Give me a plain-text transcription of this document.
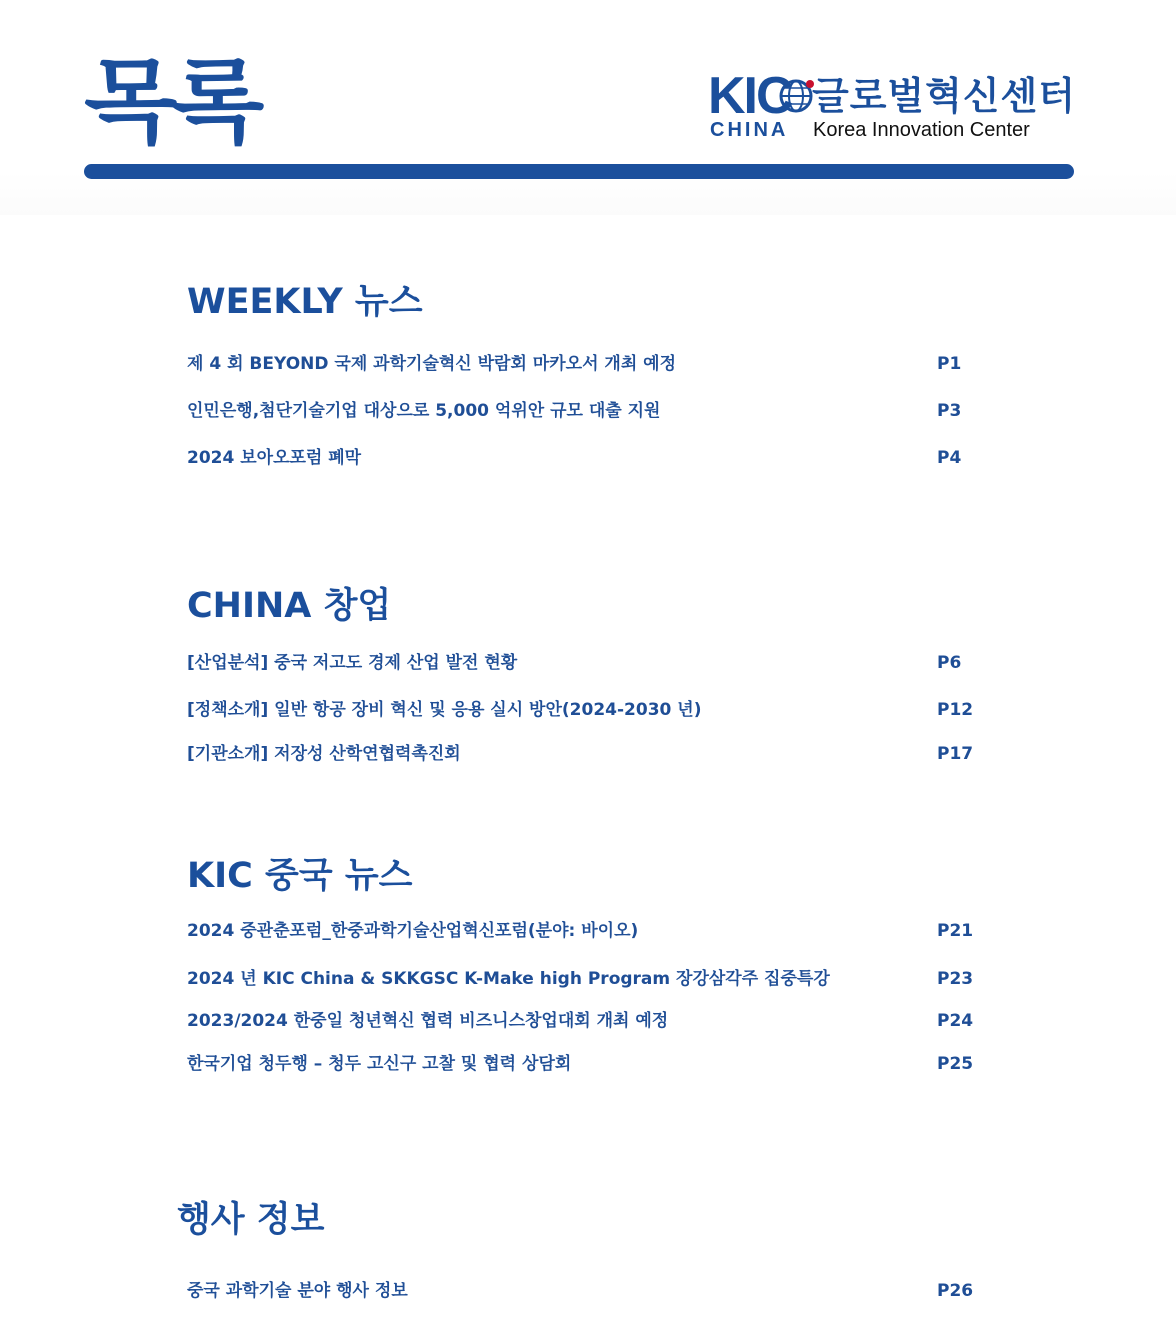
목록	KIC 글로벌혁신센터
CHINA Korea Innovation Center
WEEKLY 뉴스
제 4 회 BEYOND 국제 과학기술혁신 박람회 마카오서 개최 예정	P1
인민은행,첨단기술기업 대상으로 5,000 억위안 규모 대출 지원	P3
2024 보아오포럼 폐막	P4
CHINA 창업
[산업분석] 중국 저고도 경제 산업 발전 현황	P6
[정책소개] 일반 항공 장비 혁신 및 응용 실시 방안(2024-2030 년)	P12
[기관소개] 저장성 산학연협력촉진회	P17
KIC 중국 뉴스
2024 중관춘포럼_한중과학기술산업혁신포럼(분야: 바이오)	P21
2024 년 KIC China & SKKGSC K-Make high Program 장강삼각주 집중특강	P23
2023/2024 한중일 청년혁신 협력 비즈니스창업대회 개최 예정	P24
한국기업 청두행 – 청두 고신구 고찰 및 협력 상담회	P25
행사 정보
중국 과학기술 분야 행사 정보	P26
